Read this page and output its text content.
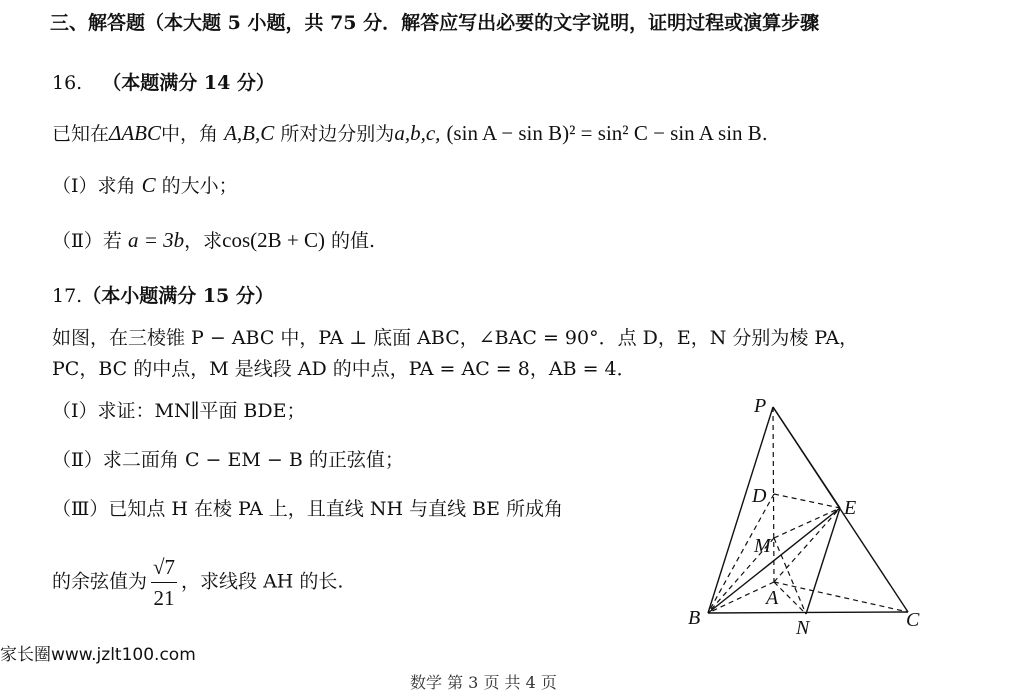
三、解答题（本大题 5 小题，共 75 分．解答应写出必要的文字说明，证明过程或演算步骤
16. （本题满分 14 分）
已知在ΔABC中，角 A,B,C 所对边分别为a,b,c, (sin A − sin B)² = sin² C − sin A sin B.
（Ⅰ）求角 C 的大小；
（Ⅱ）若 a = 3b，求cos(2B + C) 的值.
17.（本小题满分 15 分）
如图，在三棱锥 P − ABC 中，PA ⊥ 底面 ABC，∠BAC = 90°．点 D，E，N 分别为棱 PA，
PC，BC 的中点，M 是线段 AD 的中点，PA = AC = 8，AB = 4．
（Ⅰ）求证：MN∥平面 BDE；
（Ⅱ）求二面角 C − EM − B 的正弦值；
（Ⅲ）已知点 H 在棱 PA 上，且直线 NH 与直线 BE 所成角
的余弦值为 $\frac{√7}{21}$ ，求线段 AH 的长.
P
D
E
M
A
B	N	C
家长圈www.jzlt100.com
数学 第 3 页 共 4 页
